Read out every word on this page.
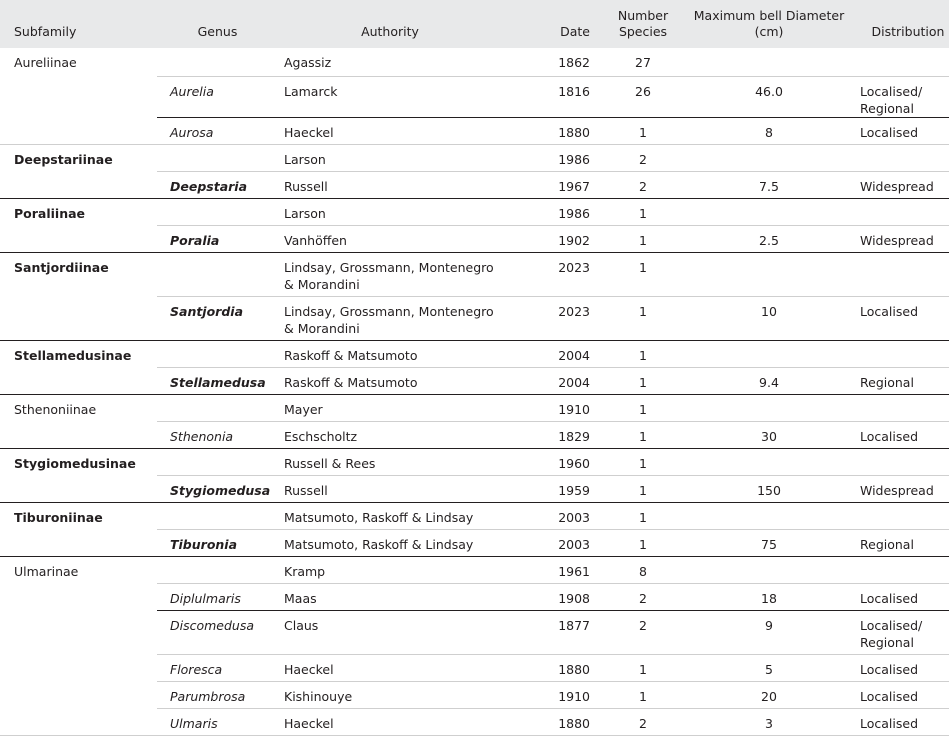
Subfamily	Genus	Authority	Date	Number Species	Maximum bell Diameter (cm)	Distribution

Aureliinae		Agassiz	1862	27		

	Aurelia	Lamarck	1816	26	46.0	Localised/ Regional

	Aurosa	Haeckel	1880	1	8	Localised

Deepstariinae		Larson	1986	2		

	Deepstaria	Russell	1967	2	7.5	Widespread

Poraliinae		Larson	1986	1		

	Poralia	Vanhöffen	1902	1	2.5	Widespread

Santjordiinae		Lindsay, Grossmann, Montenegro & Morandini	2023	1		

	Santjordia	Lindsay, Grossmann, Montenegro & Morandini	2023	1	10	Localised

Stellamedusinae		Raskoff & Matsumoto	2004	1		

	Stellamedusa	Raskoff & Matsumoto	2004	1	9.4	Regional

Sthenoniinae		Mayer	1910	1		

	Sthenonia	Eschscholtz	1829	1	30	Localised

Stygiomedusinae		Russell & Rees	1960	1		

	Stygiomedusa	Russell	1959	1	150	Widespread

Tiburoniinae		Matsumoto, Raskoff & Lindsay	2003	1		

	Tiburonia	Matsumoto, Raskoff & Lindsay	2003	1	75	Regional

Ulmarinae		Kramp	1961	8		

	Diplulmaris	Maas	1908	2	18	Localised

	Discomedusa	Claus	1877	2	9	Localised/ Regional

	Floresca	Haeckel	1880	1	5	Localised

	Parumbrosa	Kishinouye	1910	1	20	Localised

	Ulmaris	Haeckel	1880	2	3	Localised
